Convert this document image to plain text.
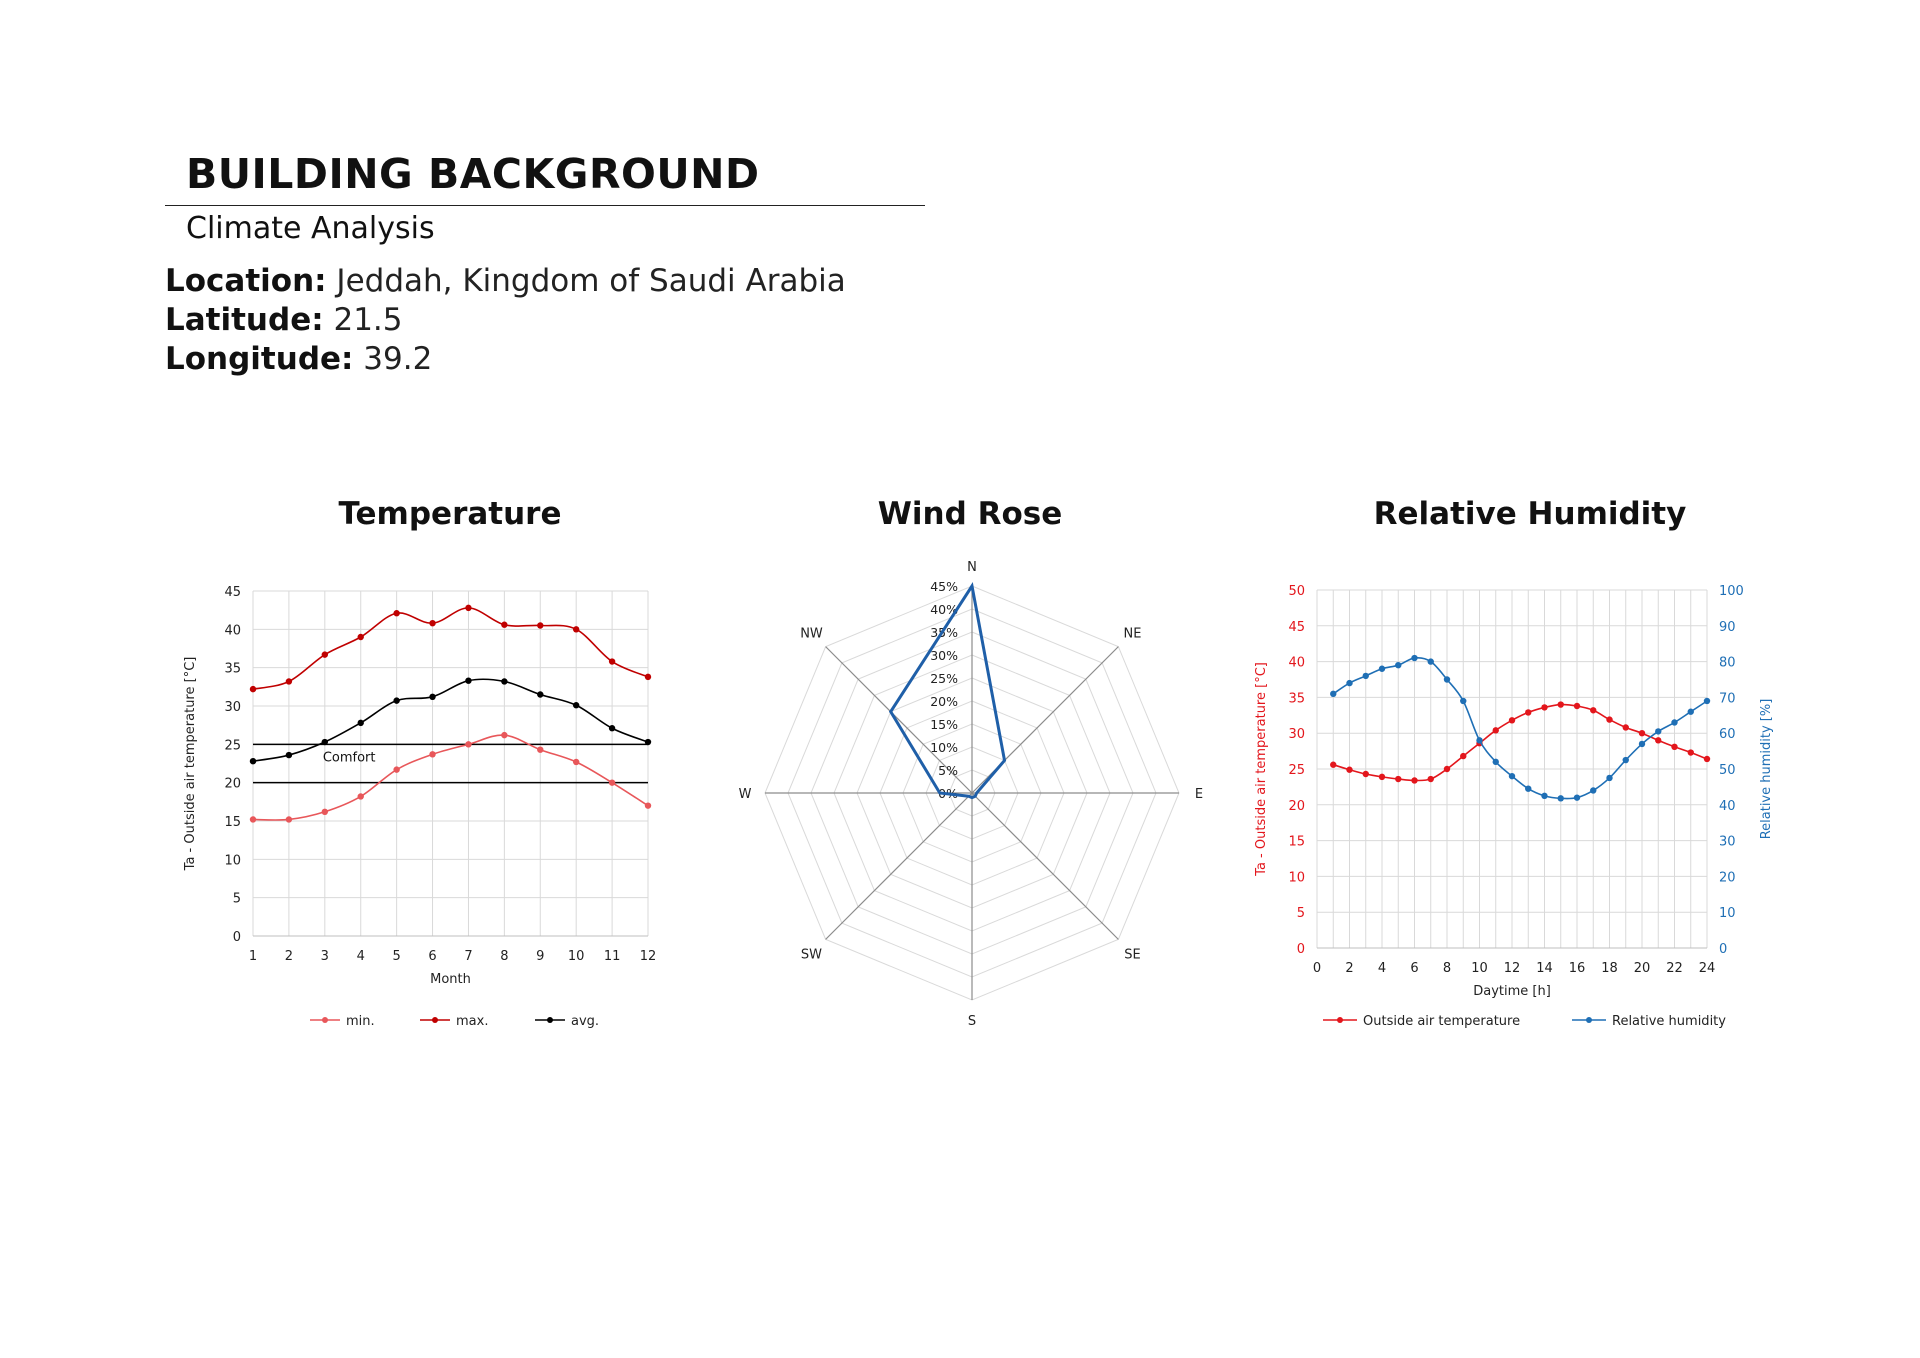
BUILDING BACKGROUND
Climate Analysis
Location: Jeddah, Kingdom of Saudi Arabia
Latitude: 21.5
Longitude: 39.2
Temperature	Wind Rose	Relative Humidity
0
5
10
15
20
25
30
35
40
45
1 2 3 4 5 6 7 8 9 10 11 12
Month
Ta - Outside air temperature [°C]	Comfort
min.	max.	avg.
N
NE
E
SE
S
SW
W
NW
0%
5%
10%
15%
20%
25%
30%
35%
40%
45%
0
5
10
15
20
25
30
35
40
45
50
0
10
20
30
40
50
60
70
80
90
100
0 2 4 6 8 10 12 14 16 18 20 22 24
Daytime [h]
Ta - Outside air temperature [°C]	Relative humidity [%]
Outside air temperature	Relative humidity
